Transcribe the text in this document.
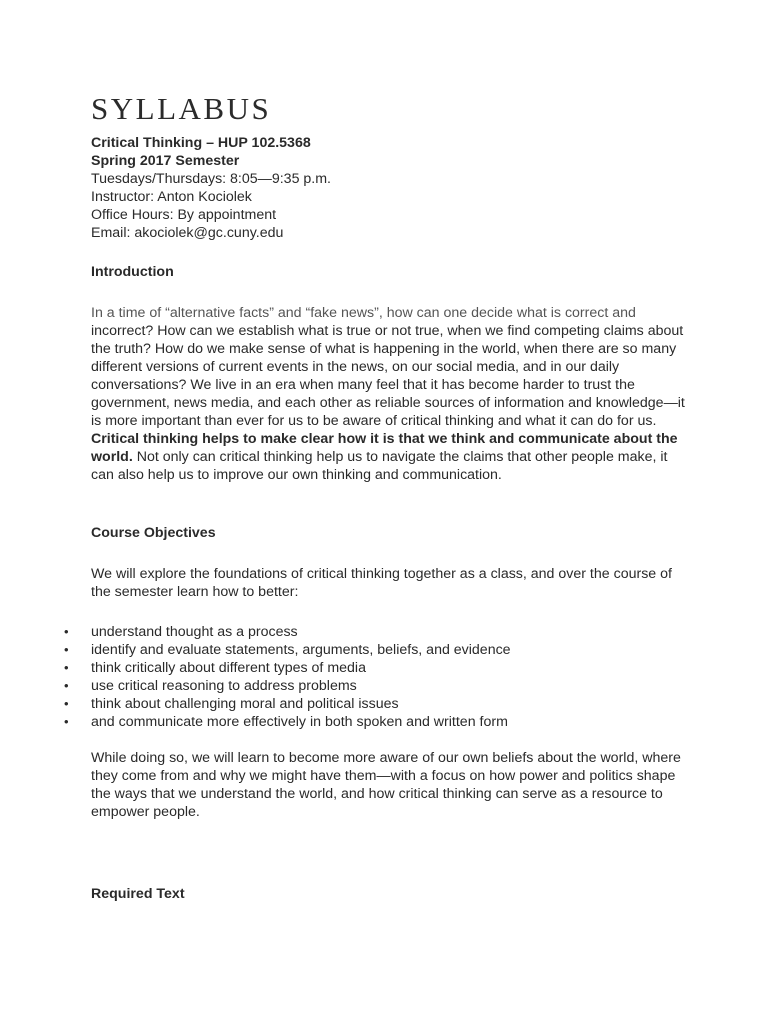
SYLLABUS
Critical Thinking – HUP 102.5368
Spring 2017 Semester
Tuesdays/Thursdays: 8:05—9:35 p.m.
Instructor: Anton Kociolek
Office Hours: By appointment
Email: akociolek@gc.cuny.edu
Introduction

In a time of “alternative facts” and “fake news”, how can one decide what is correct and
incorrect? How can we establish what is true or not true, when we find competing claims about the truth? How do we make sense of what is happening in the world, when there are so many different versions of current events in the news, on our social media, and in our daily conversations? We live in an era when many feel that it has become harder to trust the government, news media, and each other as reliable sources of information and knowledge—it is more important than ever for us to be aware of critical thinking and what it can do for us. Critical thinking helps to make clear how it is that we think and communicate about the world. Not only can critical thinking help us to navigate the claims that other people make, it can also help us to improve our own thinking and communication.

Course Objectives

We will explore the foundations of critical thinking together as a class, and over the course of the semester learn how to better:

• understand thought as a process
• identify and evaluate statements, arguments, beliefs, and evidence
• think critically about different types of media
• use critical reasoning to address problems
• think about challenging moral and political issues
• and communicate more effectively in both spoken and written form

While doing so, we will learn to become more aware of our own beliefs about the world, where they come from and why we might have them—with a focus on how power and politics shape the ways that we understand the world, and how critical thinking can serve as a resource to empower people.

Required Text
